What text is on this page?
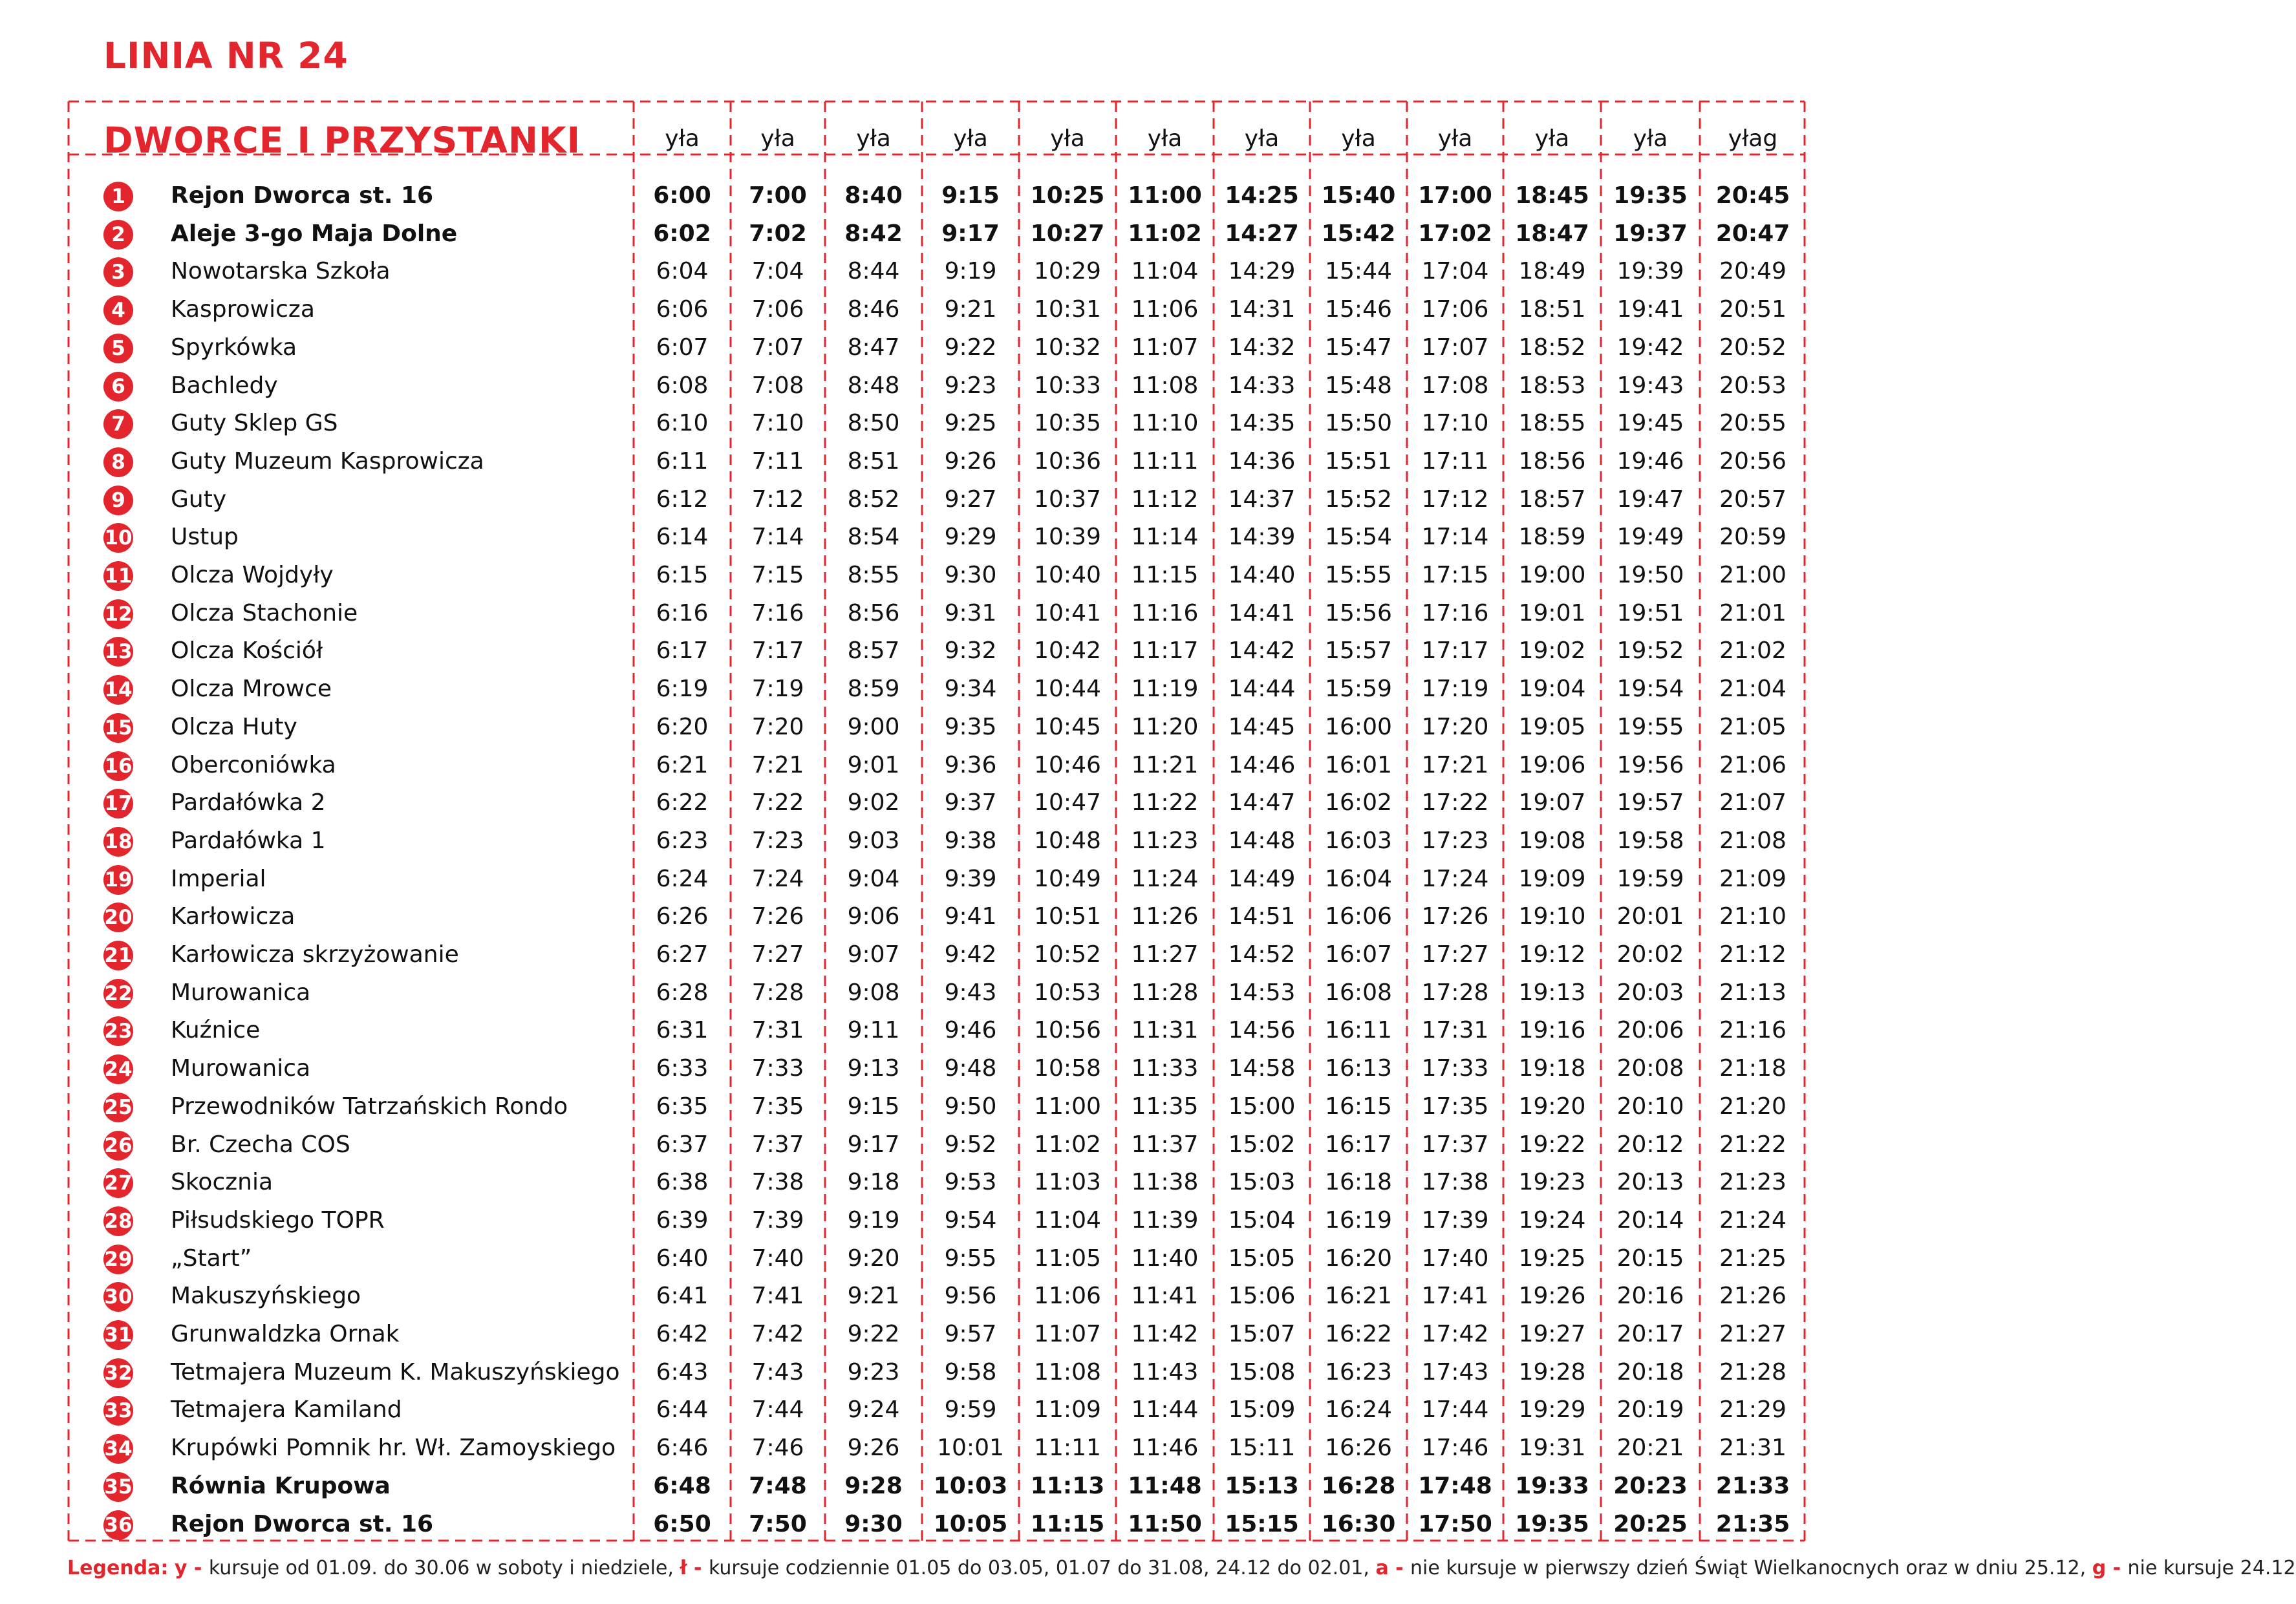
LINIA NR 24
DWORCE I PRZYSTANKI	yła	yła	yła	yła	yła	yła	yła	yła	yła	yła	yła	yłag
1	Rejon Dworca st. 16	6:00	7:00	8:40	9:15	10:25 11:00 14:25 15:40 17:00 18:45	19:35	20:45
2	Aleje 3-go Maja Dolne	6:02	7:02	8:42	9:17	10:27 11:02 14:27 15:42 17:02 18:47	19:37	20:47
3	Nowotarska Szkoła	6:04	7:04	8:44	9:19	10:29	11:04	14:29	15:44	17:04	18:49	19:39	20:49
4	Kasprowicza	6:06	7:06	8:46	9:21	10:31	11:06	14:31	15:46	17:06	18:51	19:41	20:51
5	Spyrkówka	6:07	7:07	8:47	9:22	10:32	11:07	14:32	15:47	17:07	18:52	19:42	20:52
6	Bachledy	6:08	7:08	8:48	9:23	10:33	11:08	14:33	15:48	17:08	18:53	19:43	20:53
7	Guty Sklep GS	6:10	7:10	8:50	9:25	10:35	11:10	14:35	15:50	17:10	18:55	19:45	20:55
8	Guty Muzeum Kasprowicza	6:11	7:11	8:51	9:26	10:36	11:11	14:36	15:51	17:11	18:56	19:46	20:56
9	Guty	6:12	7:12	8:52	9:27	10:37	11:12	14:37	15:52	17:12	18:57	19:47	20:57
10 Ustup	6:14	7:14	8:54	9:29	10:39	11:14	14:39	15:54	17:14	18:59	19:49	20:59
11 Olcza Wojdyły	6:15	7:15	8:55	9:30	10:40	11:15	14:40	15:55	17:15	19:00	19:50	21:00
12 Olcza Stachonie	6:16	7:16	8:56	9:31	10:41	11:16	14:41	15:56	17:16	19:01	19:51	21:01
13 Olcza Kościół	6:17	7:17	8:57	9:32	10:42	11:17	14:42	15:57	17:17	19:02	19:52	21:02
14 Olcza Mrowce	6:19	7:19	8:59	9:34	10:44	11:19	14:44	15:59	17:19	19:04	19:54	21:04
15 Olcza Huty	6:20	7:20	9:00	9:35	10:45	11:20	14:45	16:00	17:20	19:05	19:55	21:05
16 Oberconiówka	6:21	7:21	9:01	9:36	10:46	11:21	14:46	16:01	17:21	19:06	19:56	21:06
17 Pardałówka 2	6:22	7:22	9:02	9:37	10:47	11:22	14:47	16:02	17:22	19:07	19:57	21:07
18 Pardałówka 1	6:23	7:23	9:03	9:38	10:48	11:23	14:48	16:03	17:23	19:08	19:58	21:08
19 Imperial	6:24	7:24	9:04	9:39	10:49	11:24	14:49	16:04	17:24	19:09	19:59	21:09
20 Karłowicza	6:26	7:26	9:06	9:41	10:51	11:26	14:51	16:06	17:26	19:10	20:01	21:10
21 Karłowicza skrzyżowanie	6:27	7:27	9:07	9:42	10:52	11:27	14:52	16:07	17:27	19:12	20:02	21:12
22 Murowanica	6:28	7:28	9:08	9:43	10:53	11:28	14:53	16:08	17:28	19:13	20:03	21:13
23 Kuźnice	6:31	7:31	9:11	9:46	10:56	11:31	14:56	16:11	17:31	19:16	20:06	21:16
24 Murowanica	6:33	7:33	9:13	9:48	10:58	11:33	14:58	16:13	17:33	19:18	20:08	21:18
25 Przewodników Tatrzańskich Rondo	6:35	7:35	9:15	9:50	11:00	11:35	15:00	16:15	17:35	19:20	20:10	21:20
26 Br. Czecha COS	6:37	7:37	9:17	9:52	11:02	11:37	15:02	16:17	17:37	19:22	20:12	21:22
27 Skocznia	6:38	7:38	9:18	9:53	11:03	11:38	15:03	16:18	17:38	19:23	20:13	21:23
28 Piłsudskiego TOPR	6:39	7:39	9:19	9:54	11:04	11:39	15:04	16:19	17:39	19:24	20:14	21:24
29 „Start”	6:40	7:40	9:20	9:55	11:05	11:40	15:05	16:20	17:40	19:25	20:15	21:25
30 Makuszyńskiego	6:41	7:41	9:21	9:56	11:06	11:41	15:06	16:21	17:41	19:26	20:16	21:26
31 Grunwaldzka Ornak	6:42	7:42	9:22	9:57	11:07	11:42	15:07	16:22	17:42	19:27	20:17	21:27
32 Tetmajera Muzeum K. Makuszyńskiego	6:43	7:43	9:23	9:58	11:08	11:43	15:08	16:23	17:43	19:28	20:18	21:28
33 Tetmajera Kamiland	6:44	7:44	9:24	9:59	11:09	11:44	15:09	16:24	17:44	19:29	20:19	21:29
34 Krupówki Pomnik hr. Wł. Zamoyskiego	6:46	7:46	9:26	10:01	11:11	11:46	15:11	16:26	17:46	19:31	20:21	21:31
35 Równia Krupowa	6:48	7:48	9:28	10:03 11:13 11:48 15:13 16:28 17:48 19:33	20:23	21:33
36 Rejon Dworca st. 16	6:50	7:50	9:30	10:05 11:15 11:50 15:15 16:30 17:50 19:35	20:25	21:35
Legenda: y - kursuje od 01.09. do 30.06 w soboty i niedziele, ł - kursuje codziennie 01.05 do 03.05, 01.07 do 31.08, 24.12 do 02.01, a - nie kursuje w pierwszy dzień Świąt Wielkanocnych oraz w dniu 25.12, g - nie kursuje 24.12
